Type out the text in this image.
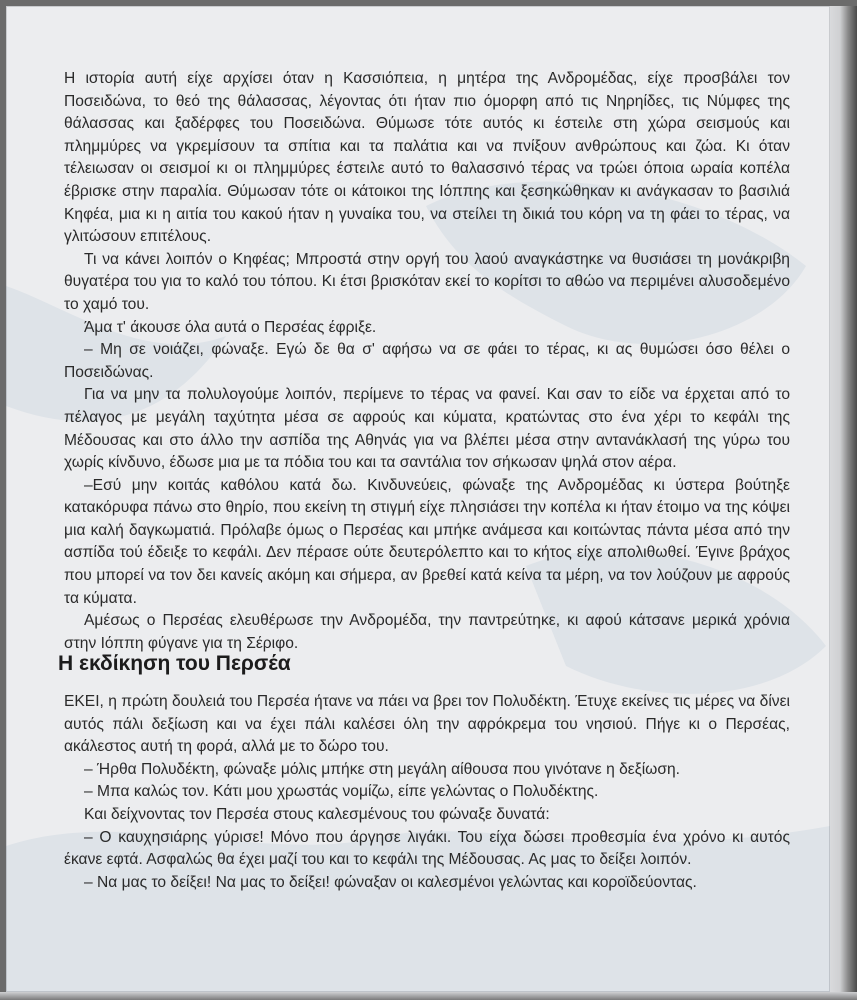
Η ιστορία αυτή είχε αρχίσει όταν η Κασσιόπεια, η μητέρα της Ανδρομέδας, είχε προσβάλει τον Ποσειδώνα, το θεό της θάλασσας, λέγοντας ότι ήταν πιο όμορφη από τις Νηρηίδες, τις Νύμφες της θάλασσας και ξαδέρφες του Ποσειδώνα. Θύμωσε τότε αυτός κι έστειλε στη χώρα σεισμούς και πλημμύρες να γκρεμίσουν τα σπίτια και τα παλάτια και να πνίξουν ανθρώπους και ζώα. Κι όταν τέλειωσαν οι σεισμοί κι οι πλημμύρες έστειλε αυτό το θαλασσινό τέρας να τρώει όποια ωραία κοπέλα έβρισκε στην παραλία. Θύμωσαν τότε οι κάτοικοι της Ιόππης και ξεσηκώθηκαν κι ανάγκασαν το βασιλιά Κηφέα, μια κι η αιτία του κακού ήταν η γυναίκα του, να στείλει τη δικιά του κόρη να τη φάει το τέρας, να γλιτώσουν επιτέλους.

Τι να κάνει λοιπόν ο Κηφέας; Μπροστά στην οργή του λαού αναγκάστηκε να θυσιάσει τη μονάκριβη θυγατέρα του για το καλό του τόπου. Κι έτσι βρισκόταν εκεί το κορίτσι το αθώο να περιμένει αλυσοδεμένο το χαμό του.

Άμα τ' άκουσε όλα αυτά ο Περσέας έφριξε.

– Μη σε νοιάζει, φώναξε. Εγώ δε θα σ' αφήσω να σε φάει το τέρας, κι ας θυμώσει όσο θέλει ο Ποσειδώνας.

Για να μην τα πολυλογούμε λοιπόν, περίμενε το τέρας να φανεί. Και σαν το είδε να έρχεται από το πέλαγος με μεγάλη ταχύτητα μέσα σε αφρούς και κύματα, κρατώντας στο ένα χέρι το κεφάλι της Μέδουσας και στο άλλο την ασπίδα της Αθηνάς για να βλέπει μέσα στην αντανάκλασή της γύρω του χωρίς κίνδυνο, έδωσε μια με τα πόδια του και τα σαντάλια τον σήκωσαν ψηλά στον αέρα.

–Εσύ μην κοιτάς καθόλου κατά δω. Κινδυνεύεις, φώναξε της Ανδρομέδας κι ύστερα βούτηξε κατακόρυφα πάνω στο θηρίο, που εκείνη τη στιγμή είχε πλησιάσει την κοπέλα κι ήταν έτοιμο να της κόψει μια καλή δαγκωματιά. Πρόλαβε όμως ο Περσέας και μπήκε ανάμεσα και κοιτώντας πάντα μέσα από την ασπίδα τού έδειξε το κεφάλι. Δεν πέρασε ούτε δευτερόλεπτο και το κήτος είχε απολιθωθεί. Έγινε βράχος που μπορεί να τον δει κανείς ακόμη και σήμερα, αν βρεθεί κατά κείνα τα μέρη, να τον λούζουν με αφρούς τα κύματα.

Αμέσως ο Περσέας ελευθέρωσε την Ανδρομέδα, την παντρεύτηκε, κι αφού κάτσανε μερικά χρόνια στην Ιόππη φύγανε για τη Σέριφο.

Η εκδίκηση του Περσέα

ΕΚΕΙ, η πρώτη δουλειά του Περσέα ήτανε να πάει να βρει τον Πολυδέκτη. Έτυχε εκείνες τις μέρες να δίνει αυτός πάλι δεξίωση και να έχει πάλι καλέσει όλη την αφρόκρεμα του νησιού. Πήγε κι ο Περσέας, ακάλεστος αυτή τη φορά, αλλά με το δώρο του.

– Ήρθα Πολυδέκτη, φώναξε μόλις μπήκε στη μεγάλη αίθουσα που γινότανε η δεξίωση.

– Μπα καλώς τον. Κάτι μου χρωστάς νομίζω, είπε γελώντας ο Πολυδέκτης.

Και δείχνοντας τον Περσέα στους καλεσμένους του φώναξε δυνατά:

– Ο καυχησιάρης γύρισε! Μόνο που άργησε λιγάκι. Του είχα δώσει προθεσμία ένα χρόνο κι αυτός έκανε εφτά. Ασφαλώς θα έχει μαζί του και το κεφάλι της Μέδουσας. Ας μας το δείξει λοιπόν.

– Να μας το δείξει! Να μας το δείξει! φώναξαν οι καλεσμένοι γελώντας και κοροϊδεύοντας.
